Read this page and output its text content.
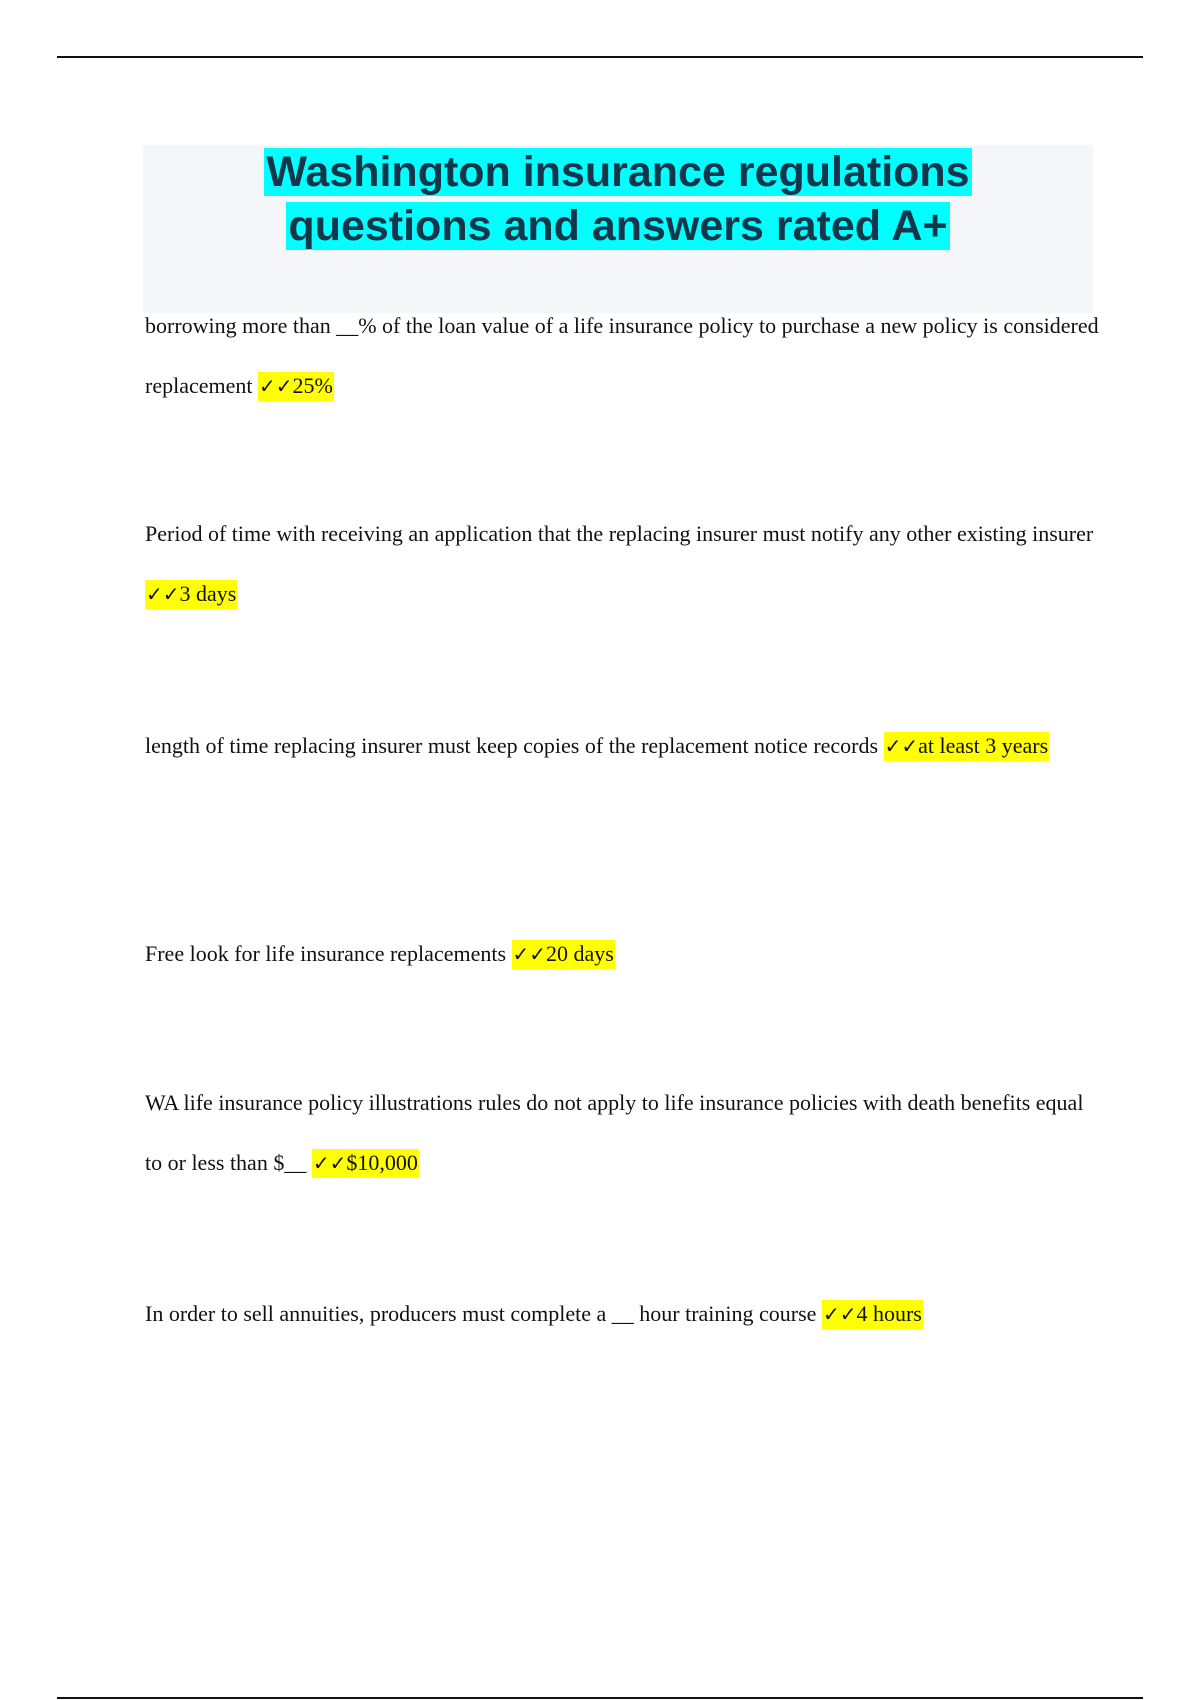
Washington insurance regulations
questions and answers rated A+

borrowing more than __% of the loan value of a life insurance policy to purchase a new policy is considered replacement ✓✓25%

Period of time with receiving an application that the replacing insurer must notify any other existing insurer ✓✓3 days

length of time replacing insurer must keep copies of the replacement notice records ✓✓at least 3 years

Free look for life insurance replacements ✓✓20 days

WA life insurance policy illustrations rules do not apply to life insurance policies with death benefits equal to or less than $__ ✓✓$10,000

In order to sell annuities, producers must complete a __ hour training course ✓✓4 hours
